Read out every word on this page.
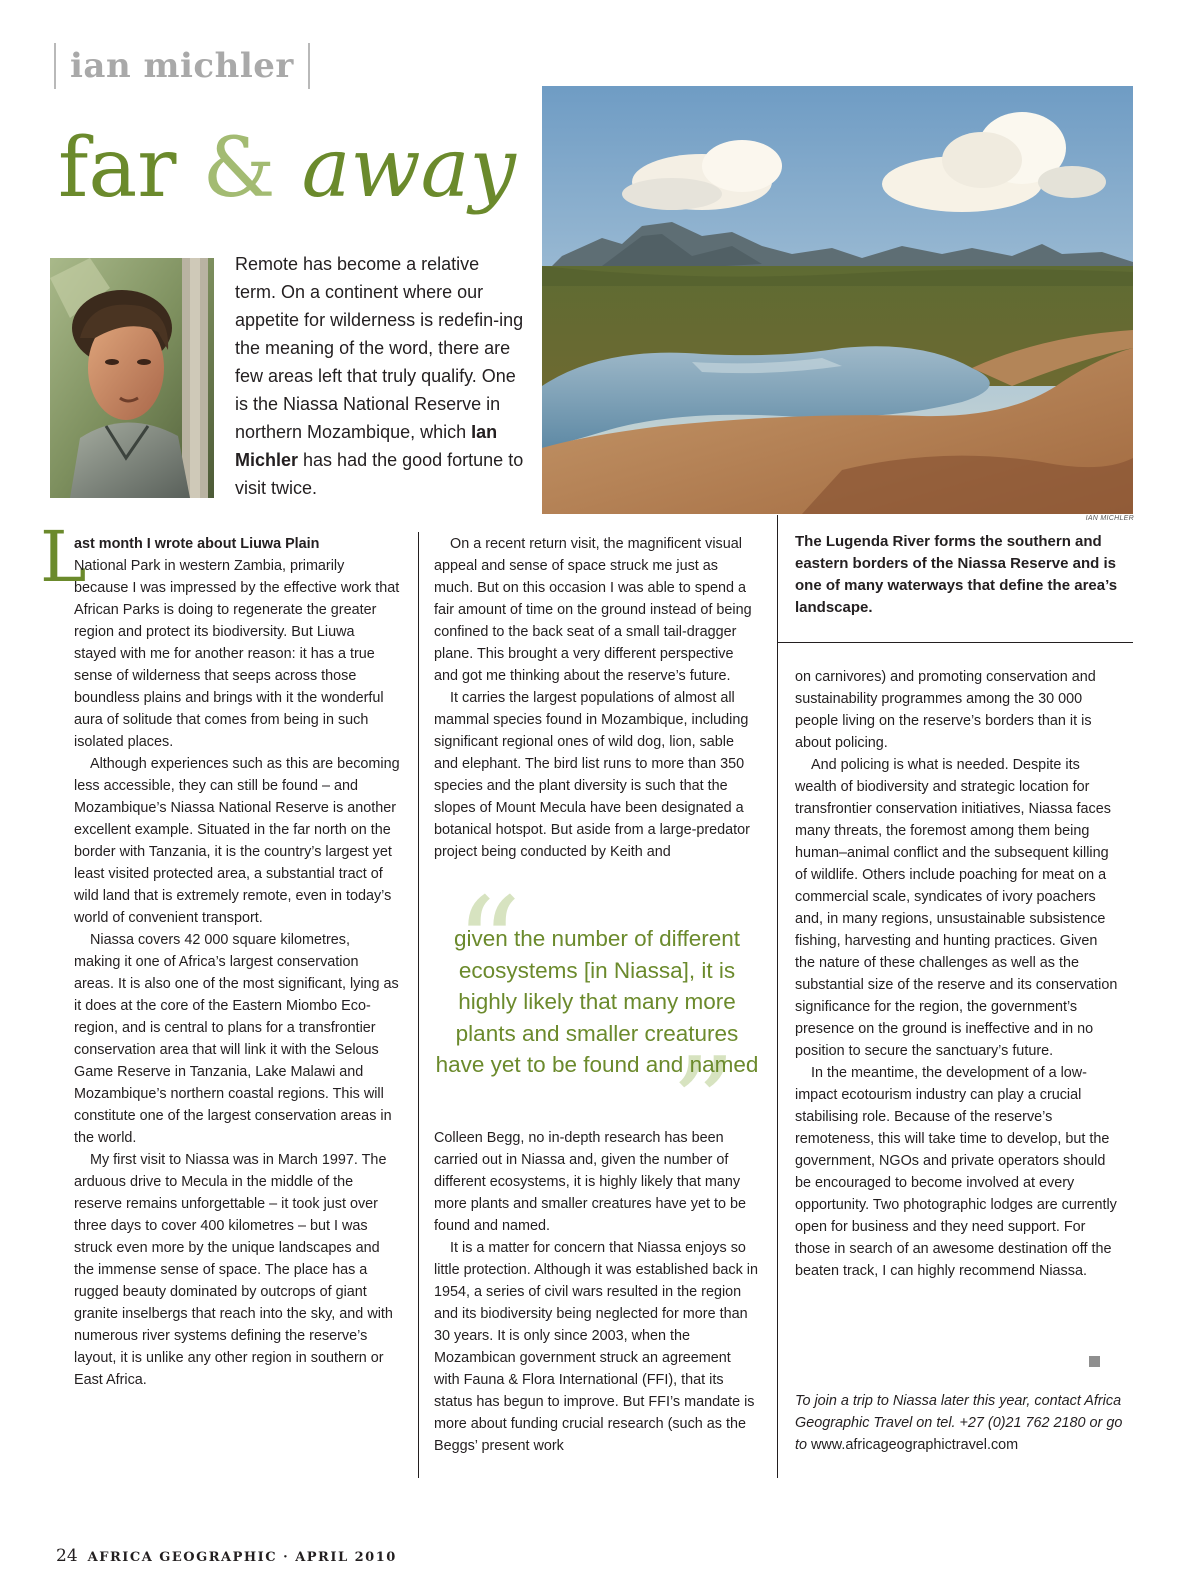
ian michler
far & away
Remote has become a relative term. On a continent where our appetite for wilderness is redefin-ing the meaning of the word, there are few areas left that truly qualify. One is the Niassa National Reserve in northern Mozambique, which Ian Michler has had the good fortune to visit twice.
IAN MICHLER
The Lugenda River forms the southern and eastern borders of the Niassa Reserve and is one of many waterways that define the area’s landscape.
L

ast month I wrote about Liuwa Plain

National Park in western Zambia, primarily because I was impressed by the effective work that African Parks is doing to regenerate the greater region and protect its biodiversity. But Liuwa stayed with me for another reason: it has a true sense of wilderness that seeps across those boundless plains and brings with it the wonderful aura of solitude that comes from being in such isolated places.

Although experiences such as this are becoming less accessible, they can still be found – and Mozambique’s Niassa National Reserve is another excellent example. Situated in the far north on the border with Tanzania, it is the country’s largest yet least visited protected area, a substantial tract of wild land that is extremely remote, even in today’s world of convenient transport.

Niassa covers 42 000 square kilometres, making it one of Africa’s largest conservation areas. It is also one of the most significant, lying as it does at the core of the Eastern Miombo Eco-region, and is central to plans for a transfrontier conservation area that will link it with the Selous Game Reserve in Tanzania, Lake Malawi and Mozambique’s northern coastal regions. This will constitute one of the largest conservation areas in the world.

My first visit to Niassa was in March 1997. The arduous drive to Mecula in the middle of the reserve remains unforgettable – it took just over three days to cover 400 kilometres – but I was struck even more by the unique landscapes and the immense sense of space. The place has a rugged beauty dominated by outcrops of giant granite inselbergs that reach into the sky, and with numerous river systems defining the reserve’s layout, it is unlike any other region in southern or East Africa.

On a recent return visit, the magnificent visual appeal and sense of space struck me just as much. But on this occasion I was able to spend a fair amount of time on the ground instead of being confined to the back seat of a small tail-dragger plane. This brought a very different perspective and got me thinking about the reserve’s future.

It carries the largest populations of almost all mammal species found in Mozambique, including significant regional ones of wild dog, lion, sable and elephant. The bird list runs to more than 350 species and the plant diversity is such that the slopes of Mount Mecula have been designated a botanical hotspot. But aside from a large-predator project being conducted by Keith and

“
”
given the number of different ecosystems [in Niassa], it is highly likely that many more plants and smaller creatures have yet to be found and named

Colleen Begg, no in-depth research has been carried out in Niassa and, given the number of different ecosystems, it is highly likely that many more plants and smaller creatures have yet to be found and named.

It is a matter for concern that Niassa enjoys so little protection. Although it was established back in 1954, a series of civil wars resulted in the region and its biodiversity being neglected for more than 30 years. It is only since 2003, when the Mozambican government struck an agreement with Fauna & Flora International (FFI), that its status has begun to improve. But FFI’s mandate is more about funding crucial research (such as the Beggs’ present work

on carnivores) and promoting conservation and sustainability programmes among the 30 000 people living on the reserve’s borders than it is about policing.

And policing is what is needed. Despite its wealth of biodiversity and strategic location for transfrontier conservation initiatives, Niassa faces many threats, the foremost among them being human–animal conflict and the subsequent killing of wildlife. Others include poaching for meat on a commercial scale, syndicates of ivory poachers and, in many regions, unsustainable subsistence fishing, harvesting and hunting practices. Given the nature of these challenges as well as the substantial size of the reserve and its conservation significance for the region, the government’s presence on the ground is ineffective and in no position to secure the sanctuary’s future.

In the meantime, the development of a low-impact ecotourism industry can play a crucial stabilising role. Because of the reserve’s remoteness, this will take time to develop, but the government, NGOs and private operators should be encouraged to become involved at every opportunity. Two photographic lodges are currently open for business and they need support. For those in search of an awesome destination off the beaten track, I can highly recommend Niassa.

To join a trip to Niassa later this year, contact Africa Geographic Travel on tel. +27 (0)21 762 2180 or go to www.africageographictravel.com
24 AFRICA GEOGRAPHIC · APRIL 2010
